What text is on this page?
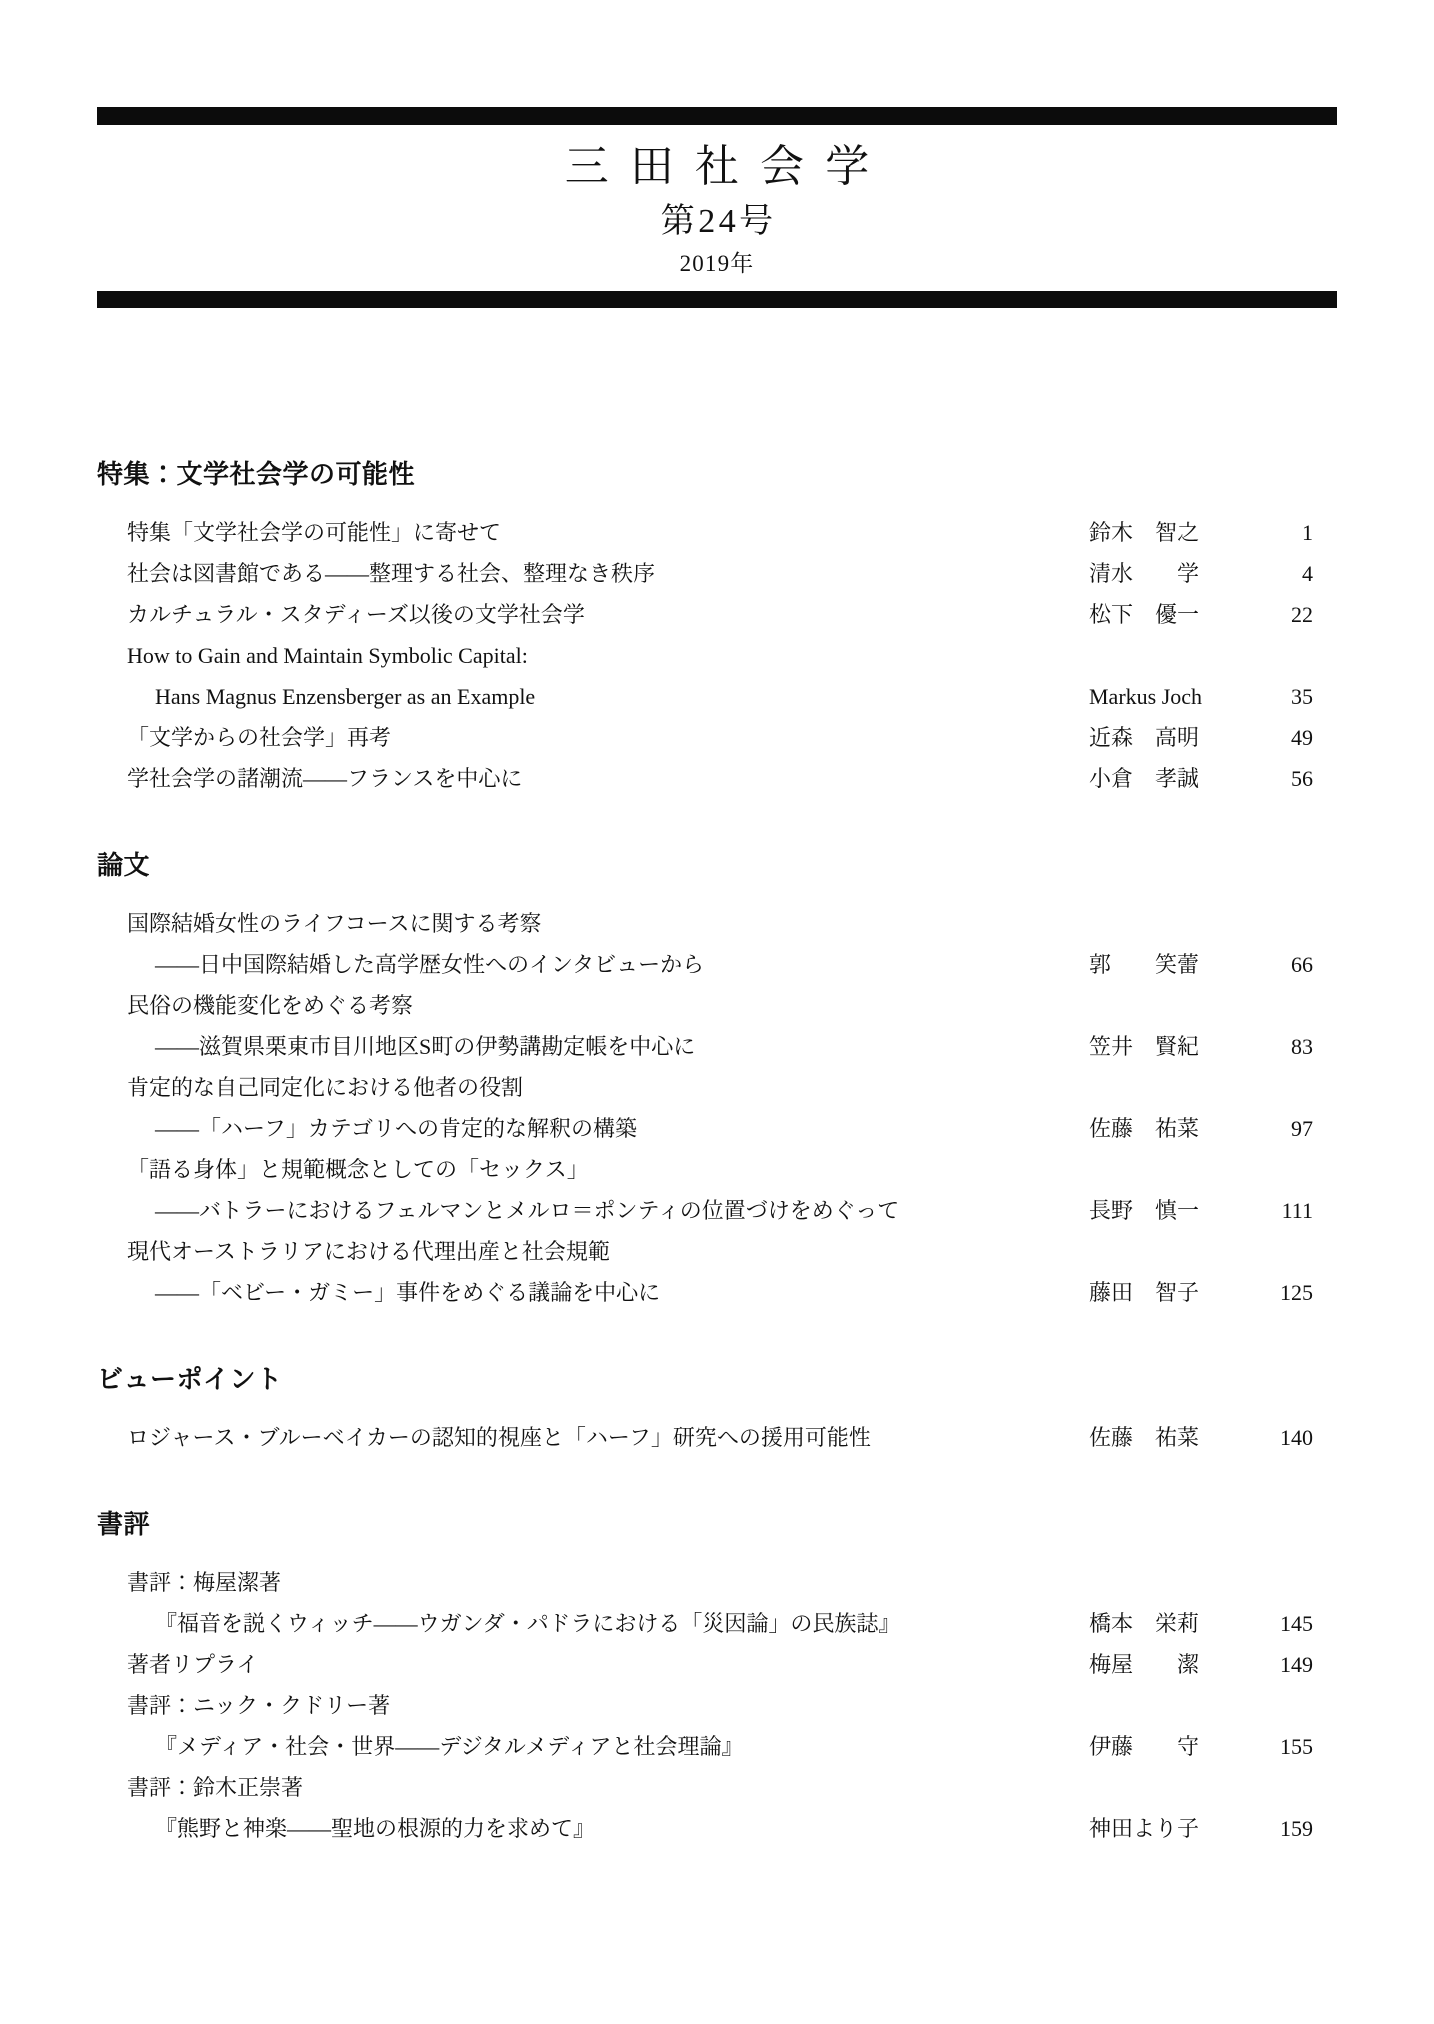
三田社会学
第24号
2019年
特集：文学社会学の可能性
特集「文学社会学の可能性」に寄せて	鈴木　智之	1
社会は図書館である——整理する社会、整理なき秩序	清水　　学	4
カルチュラル・スタディーズ以後の文学社会学	松下　優一	22
How to Gain and Maintain Symbolic Capital:
Hans Magnus Enzensberger as an Example	Markus Joch	35
「文学からの社会学」再考	近森　高明	49
学社会学の諸潮流——フランスを中心に	小倉　孝誠	56
論文
国際結婚女性のライフコースに関する考察
——日中国際結婚した高学歴女性へのインタビューから	郭　　笑蕾	66
民俗の機能変化をめぐる考察
——滋賀県栗東市目川地区S町の伊勢講勘定帳を中心に	笠井　賢紀	83
肯定的な自己同定化における他者の役割
——「ハーフ」カテゴリへの肯定的な解釈の構築	佐藤　祐菜	97
「語る身体」と規範概念としての「セックス」
——バトラーにおけるフェルマンとメルロ＝ポンティの位置づけをめぐって	長野　慎一	111
現代オーストラリアにおける代理出産と社会規範
——「ベビー・ガミー」事件をめぐる議論を中心に	藤田　智子	125
ビューポイント
ロジャース・ブルーベイカーの認知的視座と「ハーフ」研究への援用可能性	佐藤　祐菜	140
書評
書評：梅屋潔著
『福音を説くウィッチ——ウガンダ・パドラにおける「災因論」の民族誌』	橋本　栄莉	145
著者リプライ	梅屋　　潔	149
書評：ニック・クドリー著
『メディア・社会・世界——デジタルメディアと社会理論』	伊藤　　守	155
書評：鈴木正崇著
『熊野と神楽——聖地の根源的力を求めて』	神田より子	159
